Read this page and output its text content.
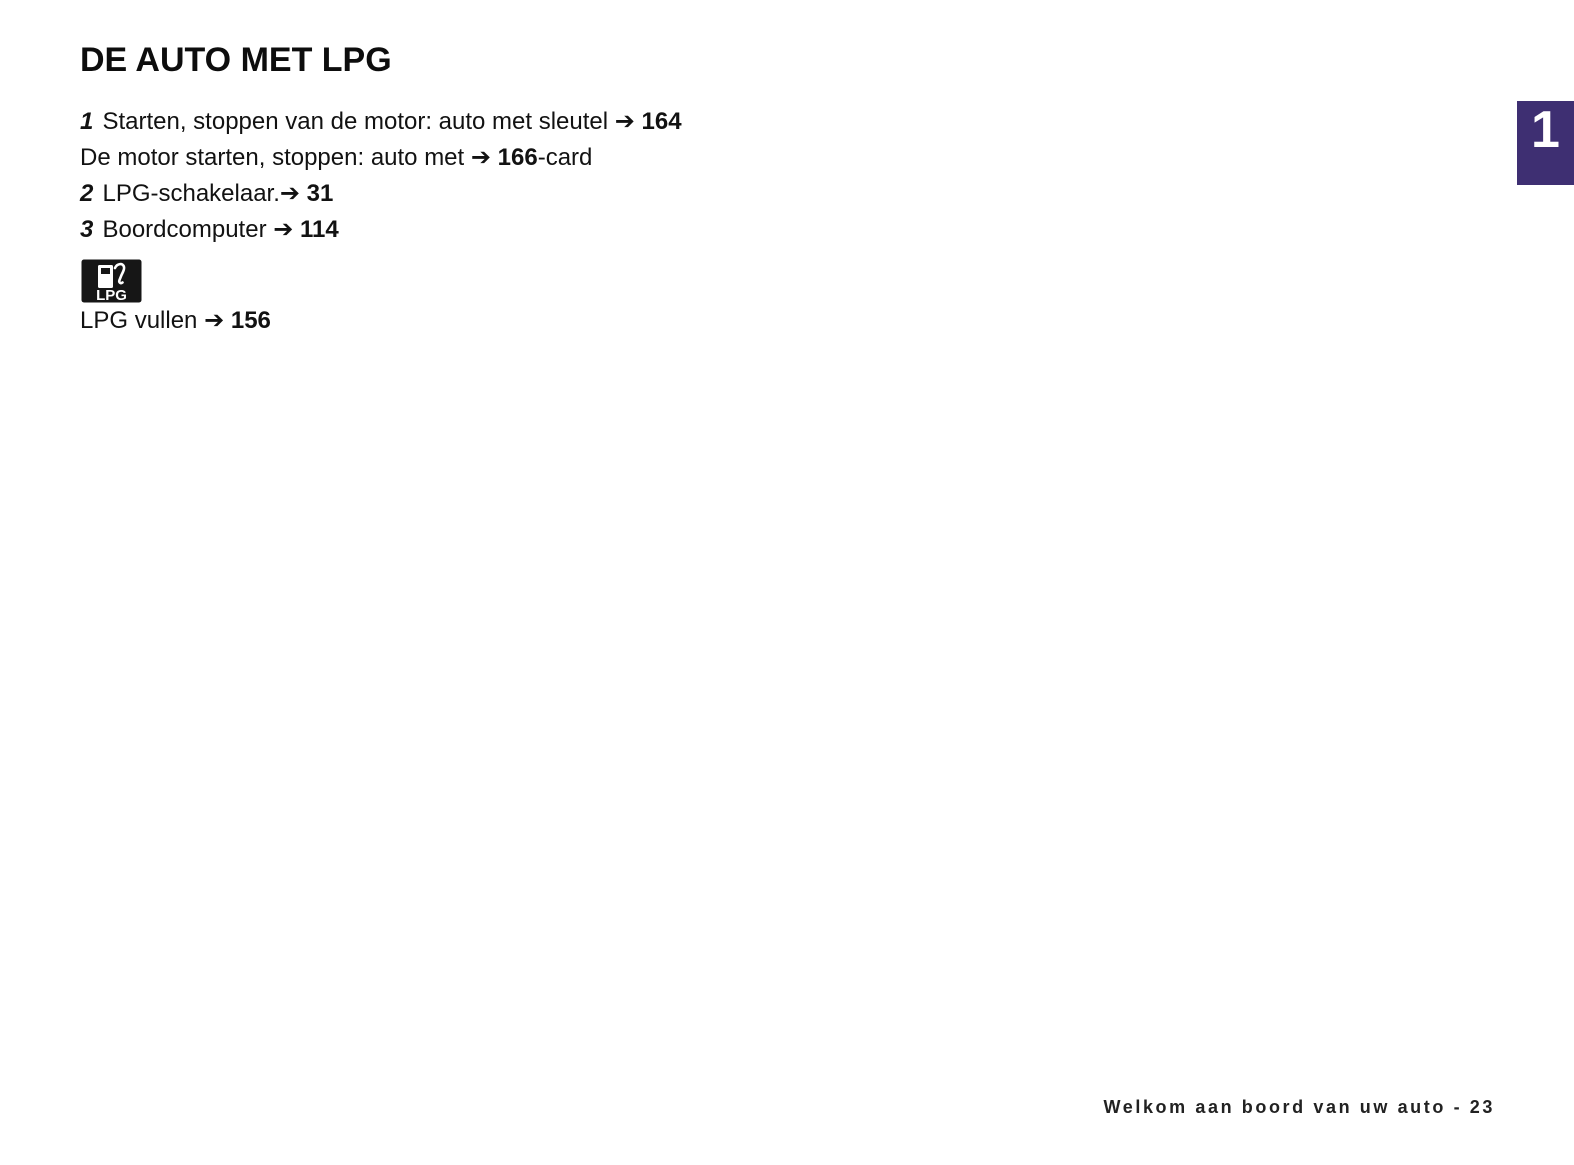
DE AUTO MET LPG
1 Starten, stoppen van de motor: auto met sleutel ➔ 164
De motor starten, stoppen: auto met ➔ 166-card
2 LPG-schakelaar.➔ 31
3 Boordcomputer ➔ 114
LPG
LPG vullen ➔ 156
1
Welkom aan boord van uw auto - 23
